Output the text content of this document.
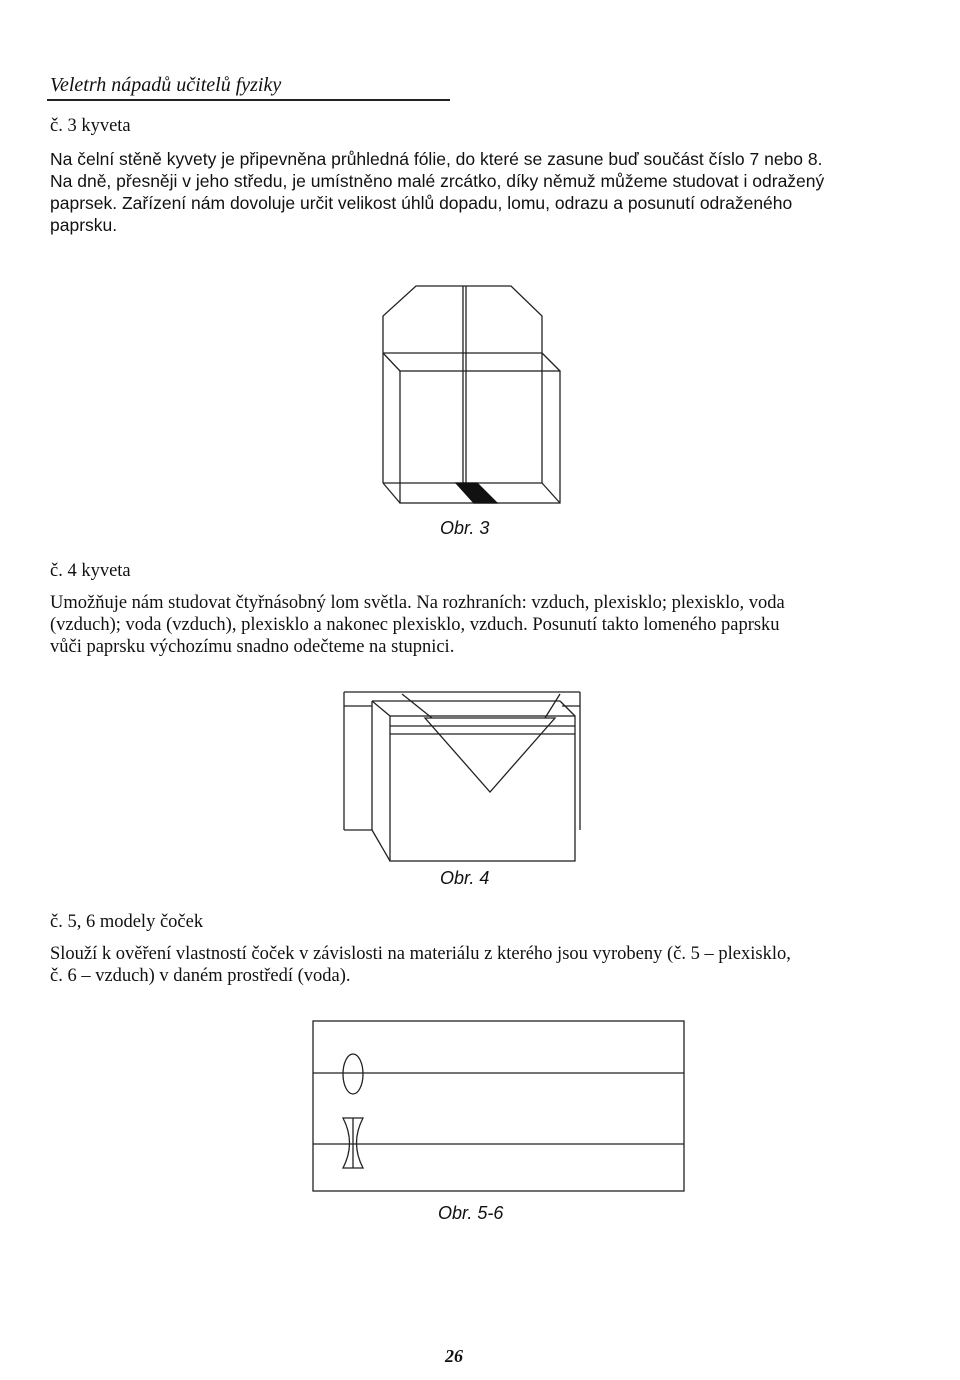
Veletrh nápadů učitelů fyziky
č. 3 kyveta
Na čelní stěně kyvety je připevněna průhledná fólie, do které se zasune buď součást číslo 7 nebo 8.
Na dně, přesněji v jeho středu, je umístněno malé zrcátko, díky němuž můžeme studovat i odražený
paprsek. Zařízení nám dovoluje určit velikost úhlů dopadu, lomu, odrazu a posunutí odraženého
paprsku.
Obr. 3
č. 4 kyveta
Umožňuje nám studovat čtyřnásobný lom světla. Na rozhraních: vzduch, plexisklo; plexisklo, voda
(vzduch); voda (vzduch), plexisklo a nakonec plexisklo, vzduch. Posunutí takto lomeného paprsku
vůči paprsku výchozímu snadno odečteme na stupnici.
Obr. 4
č. 5, 6 modely čoček
Slouží k ověření vlastností čoček v závislosti na materiálu z kterého jsou vyrobeny (č. 5 – plexisklo,
č. 6 – vzduch) v daném prostředí (voda).
Obr. 5-6
26
